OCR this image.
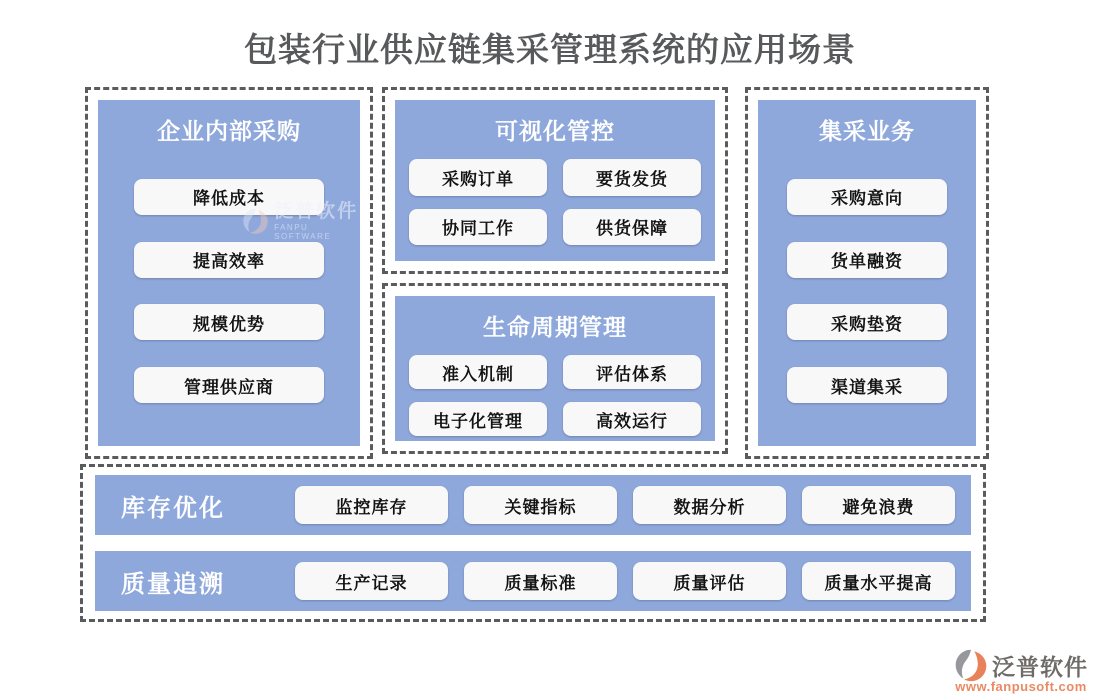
包装行业供应链集采管理系统的应用场景
企业内部采购
降低成本
提高效率
规模优势
管理供应商
泛普软件
FANPU SOFTWARE
可视化管控
采购订单	要货发货
协同工作	供货保障
生命周期管理
准入机制	评估体系
电子化管理	高效运行
集采业务
采购意向
货单融资
采购垫资
渠道集采
库存优化	监控库存	关键指标	数据分析	避免浪费
质量追溯	生产记录	质量标准	质量评估	质量水平提高
泛普软件
www.fanpusoft.com
